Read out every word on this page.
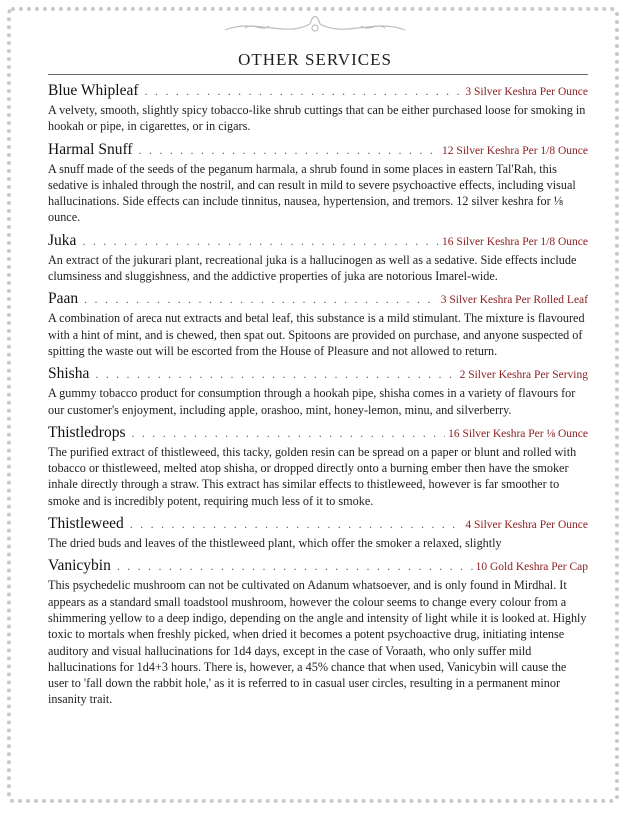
OTHER SERVICES
Blue Whipleaf . . .	3 Silver Keshra Per Ounce

A velvety, smooth, slightly spicy tobacco-like shrub cuttings that can be either purchased loose for smoking in hookah or pipe, in cigarettes, or in cigars.

Harmal Snuff . . .	12 Silver Keshra Per 1/8 Ounce

A snuff made of the seeds of the peganum harmala, a shrub found in some places in eastern Tal'Rah, this sedative is inhaled through the nostril, and can result in mild to severe psychoactive effects, including visual hallucinations. Side effects can include tinnitus, nausea, hypertension, and tremors. 12 silver keshra for ⅛ ounce.

Juka . . .	16 Silver Keshra Per 1/8 Ounce

An extract of the jukurari plant, recreational juka is a hallucinogen as well as a sedative. Side effects include clumsiness and sluggishness, and the addictive properties of juka are notorious Imarel-wide.

Paan . . .	3 Silver Keshra Per Rolled Leaf

A combination of areca nut extracts and betal leaf, this substance is a mild stimulant. The mixture is flavoured with a hint of mint, and is chewed, then spat out. Spitoons are provided on purchase, and anyone suspected of spitting the waste out will be escorted from the House of Pleasure and not allowed to return.

Shisha . . .	2 Silver Keshra Per Serving

A gummy tobacco product for consumption through a hookah pipe, shisha comes in a variety of flavours for our customer's enjoyment, including apple, orashoo, mint, honey-lemon, minu, and silverberry.

Thistledrops . . .	16 Silver Keshra Per ⅛ Ounce

The purified extract of thistleweed, this tacky, golden resin can be spread on a paper or blunt and rolled with tobacco or thistleweed, melted atop shisha, or dropped directly onto a burning ember then have the smoker inhale directly through a straw. This extract has similar effects to thistleweed, however is far smoother to smoke and is incredibly potent, requiring much less of it to smoke.

Thistleweed . . .	4 Silver Keshra Per Ounce

The dried buds and leaves of the thistleweed plant, which offer the smoker a relaxed, slightly

Vanicybin . . .	10 Gold Keshra Per Cap

This psychedelic mushroom can not be cultivated on Adanum whatsoever, and is only found in Mirdhal. It appears as a standard small toadstool mushroom, however the colour seems to change every colour from a shimmering yellow to a deep indigo, depending on the angle and intensity of light while it is looked at. Highly toxic to mortals when freshly picked, when dried it becomes a potent psychoactive drug, initiating intense auditory and visual hallucinations for 1d4 days, except in the case of Voraath, who only suffer mild hallucinations for 1d4+3 hours. There is, however, a 45% chance that when used, Vanicybin will cause the user to 'fall down the rabbit hole,' as it is referred to in casual user circles, resulting in a permanent minor insanity trait.
